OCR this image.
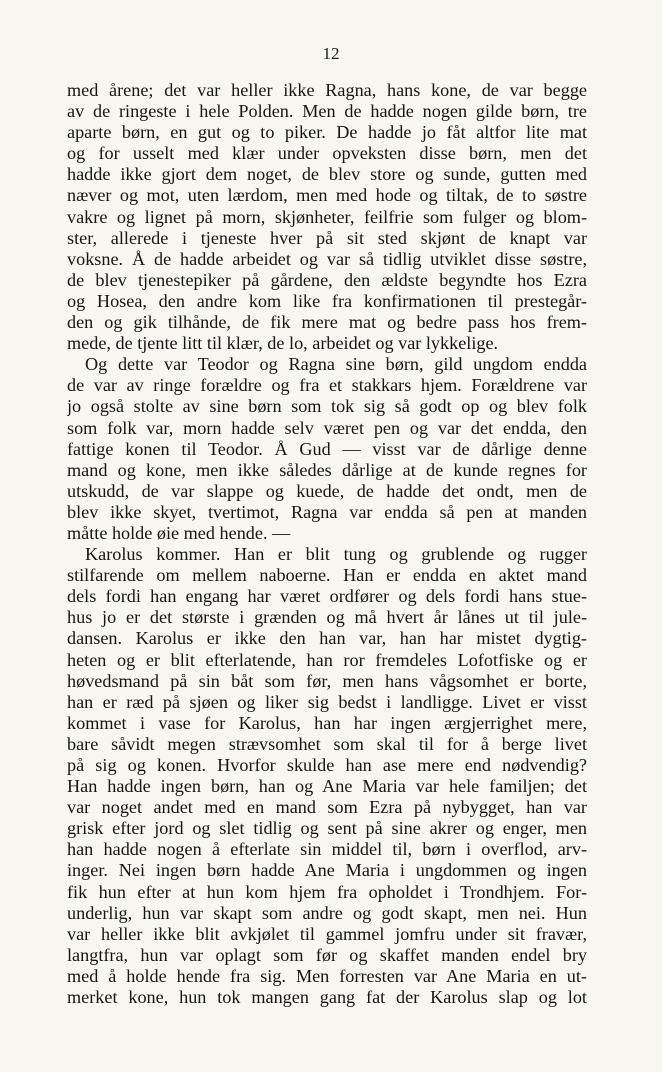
12
med årene; det var heller ikke Ragna, hans kone, de var begge
av de ringeste i hele Polden. Men de hadde nogen gilde børn, tre
aparte børn, en gut og to piker. De hadde jo fåt altfor lite mat
og for usselt med klær under opveksten disse børn, men det
hadde ikke gjort dem noget, de blev store og sunde, gutten med
næver og mot, uten lærdom, men med hode og tiltak, de to søstre
vakre og lignet på morn, skjønheter, feilfrie som fulger og blom-
ster, allerede i tjeneste hver på sit sted skjønt de knapt var
voksne. Å de hadde arbeidet og var så tidlig utviklet disse søstre,
de blev tjenestepiker på gårdene, den ældste begyndte hos Ezra
og Hosea, den andre kom like fra konfirmationen til prestegår-
den og gik tilhånde, de fik mere mat og bedre pass hos frem-
mede, de tjente litt til klær, de lo, arbeidet og var lykkelige.
Og dette var Teodor og Ragna sine børn, gild ungdom endda
de var av ringe forældre og fra et stakkars hjem. Forældrene var
jo også stolte av sine børn som tok sig så godt op og blev folk
som folk var, morn hadde selv været pen og var det endda, den
fattige konen til Teodor. Å Gud — visst var de dårlige denne
mand og kone, men ikke således dårlige at de kunde regnes for
utskudd, de var slappe og kuede, de hadde det ondt, men de
blev ikke skyet, tvertimot, Ragna var endda så pen at manden
måtte holde øie med hende. —
Karolus kommer. Han er blit tung og grublende og rugger
stilfarende om mellem naboerne. Han er endda en aktet mand
dels fordi han engang har været ordfører og dels fordi hans stue-
hus jo er det største i grænden og må hvert år lånes ut til jule-
dansen. Karolus er ikke den han var, han har mistet dygtig-
heten og er blit efterlatende, han ror fremdeles Lofotfiske og er
høvedsmand på sin båt som før, men hans vågsomhet er borte,
han er ræd på sjøen og liker sig bedst i landligge. Livet er visst
kommet i vase for Karolus, han har ingen ærgjerrighet mere,
bare såvidt megen strævsomhet som skal til for å berge livet
på sig og konen. Hvorfor skulde han ase mere end nødvendig?
Han hadde ingen børn, han og Ane Maria var hele familjen; det
var noget andet med en mand som Ezra på nybygget, han var
grisk efter jord og slet tidlig og sent på sine akrer og enger, men
han hadde nogen å efterlate sin middel til, børn i overflod, arv-
inger. Nei ingen børn hadde Ane Maria i ungdommen og ingen
fik hun efter at hun kom hjem fra opholdet i Trondhjem. For-
underlig, hun var skapt som andre og godt skapt, men nei. Hun
var heller ikke blit avkjølet til gammel jomfru under sit fravær,
langtfra, hun var oplagt som før og skaffet manden endel bry
med å holde hende fra sig. Men forresten var Ane Maria en ut-
merket kone, hun tok mangen gang fat der Karolus slap og lot
